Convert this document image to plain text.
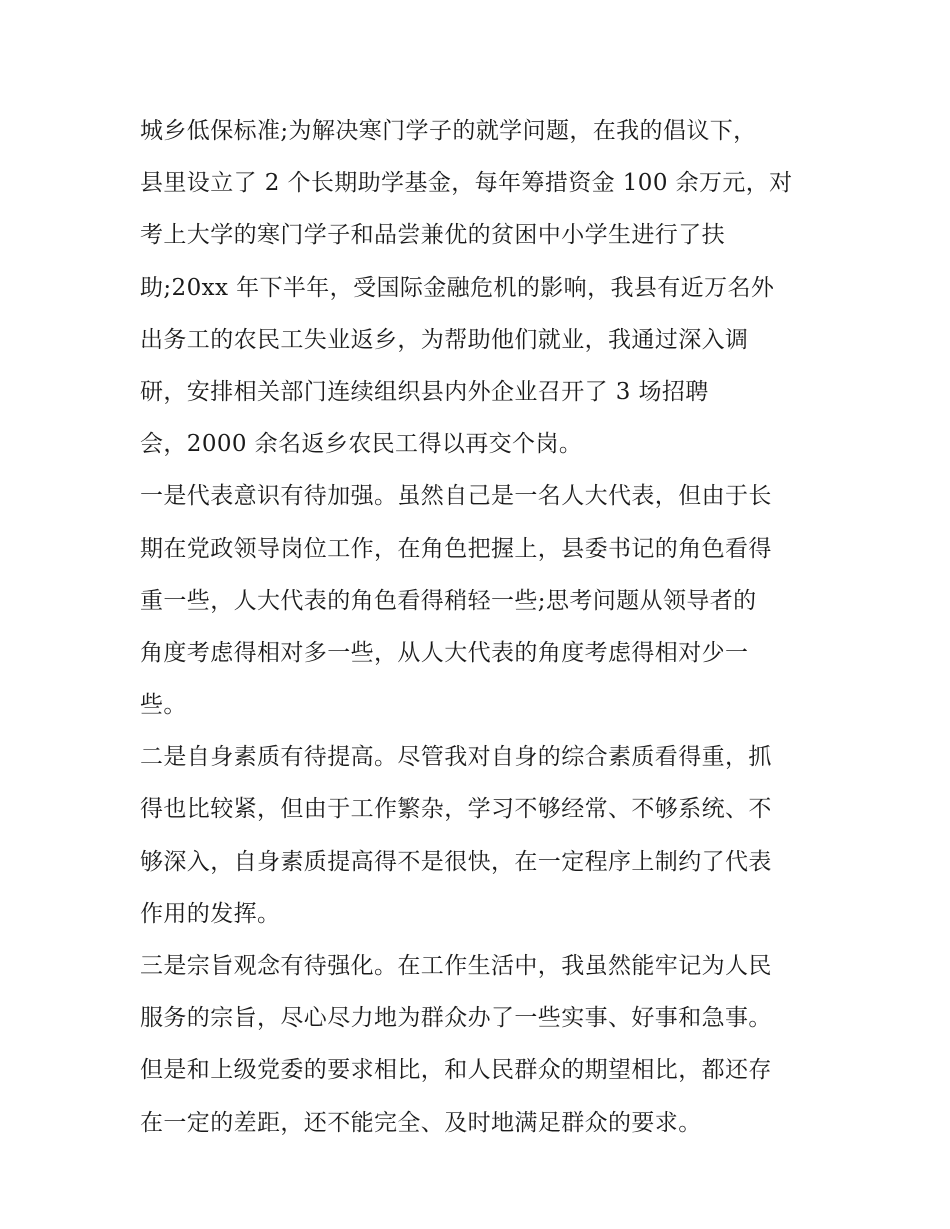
城乡低保标准;为解决寒门学子的就学问题，在我的倡议下，
县里设立了 2 个长期助学基金，每年筹措资金 100 余万元，对
考上大学的寒门学子和品尝兼优的贫困中小学生进行了扶
助;20xx 年下半年，受国际金融危机的影响，我县有近万名外
出务工的农民工失业返乡，为帮助他们就业，我通过深入调
研，安排相关部门连续组织县内外企业召开了 3 场招聘
会，2000 余名返乡农民工得以再交个岗。
一是代表意识有待加强。虽然自己是一名人大代表，但由于长
期在党政领导岗位工作，在角色把握上，县委书记的角色看得
重一些，人大代表的角色看得稍轻一些;思考问题从领导者的
角度考虑得相对多一些，从人大代表的角度考虑得相对少一
些。
二是自身素质有待提高。尽管我对自身的综合素质看得重，抓
得也比较紧，但由于工作繁杂，学习不够经常、不够系统、不
够深入，自身素质提高得不是很快，在一定程序上制约了代表
作用的发挥。
三是宗旨观念有待强化。在工作生活中，我虽然能牢记为人民
服务的宗旨，尽心尽力地为群众办了一些实事、好事和急事。
但是和上级党委的要求相比，和人民群众的期望相比，都还存
在一定的差距，还不能完全、及时地满足群众的要求。
